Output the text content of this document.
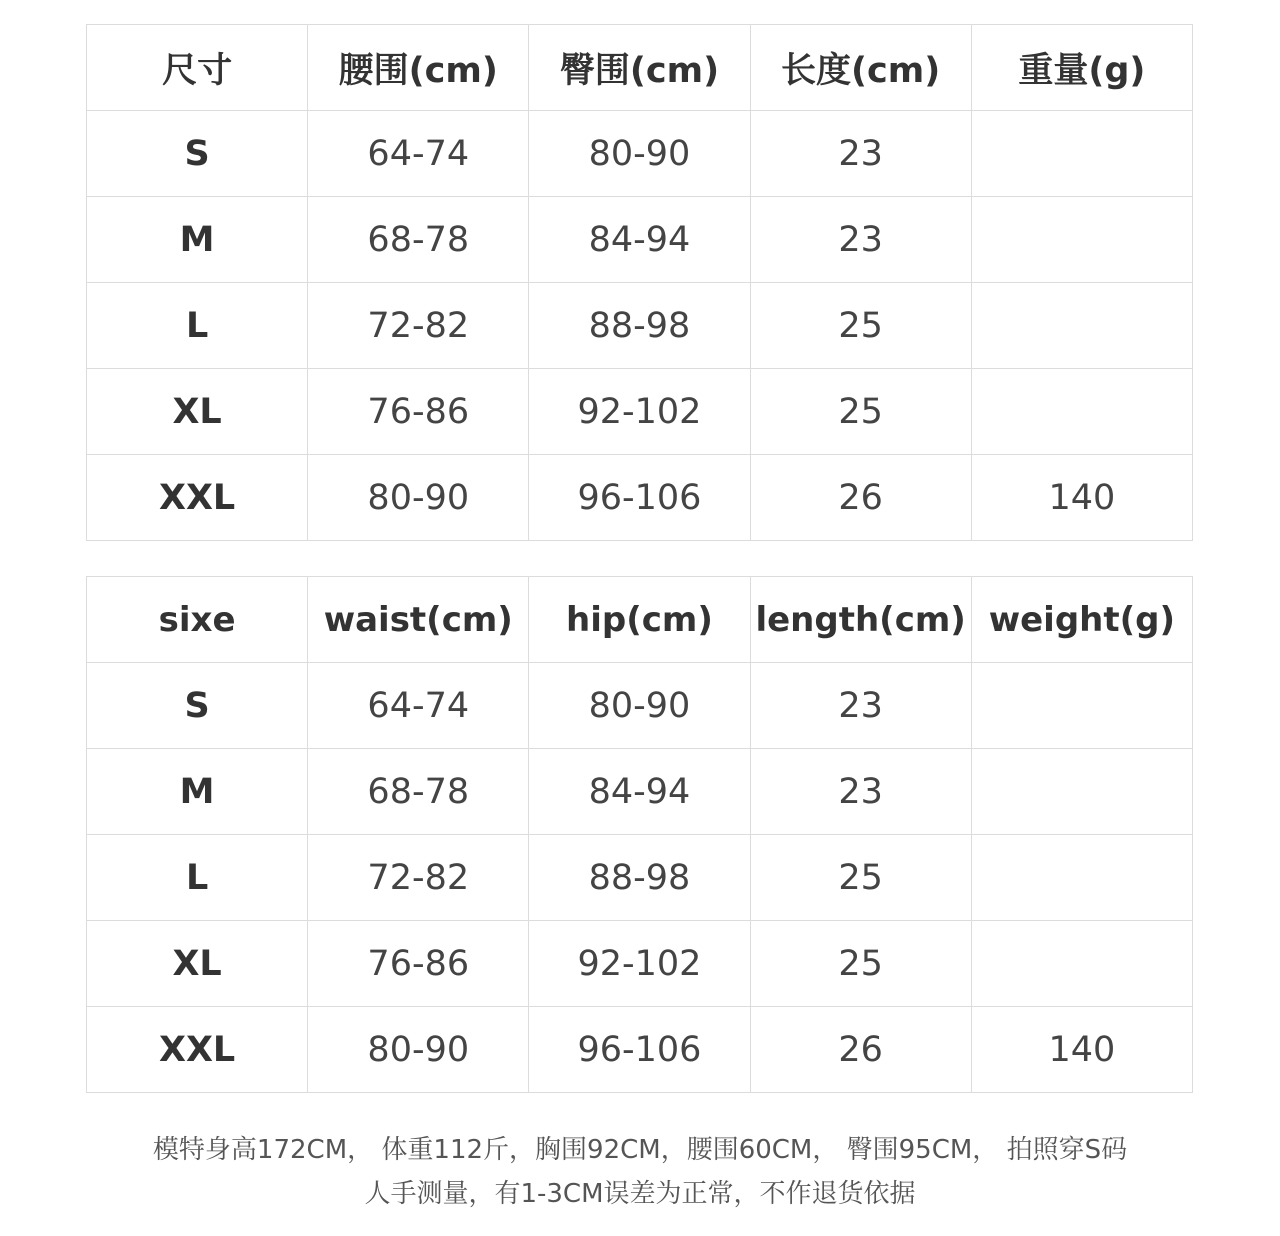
尺寸	腰围(cm)	臀围(cm)	长度(cm)	重量(g)
S	64-74	80-90	23	
M	68-78	84-94	23	
L	72-82	88-98	25	
XL	76-86	92-102	25	
XXL	80-90	96-106	26	140
sixe	waist(cm)	hip(cm)	length(cm)	weight(g)
S	64-74	80-90	23	
M	68-78	84-94	23	
L	72-82	88-98	25	
XL	76-86	92-102	25	
XXL	80-90	96-106	26	140
模特身高172CM， 体重112斤，胸围92CM，腰围60CM， 臀围95CM， 拍照穿S码
人手测量，有1-3CM误差为正常，不作退货依据
